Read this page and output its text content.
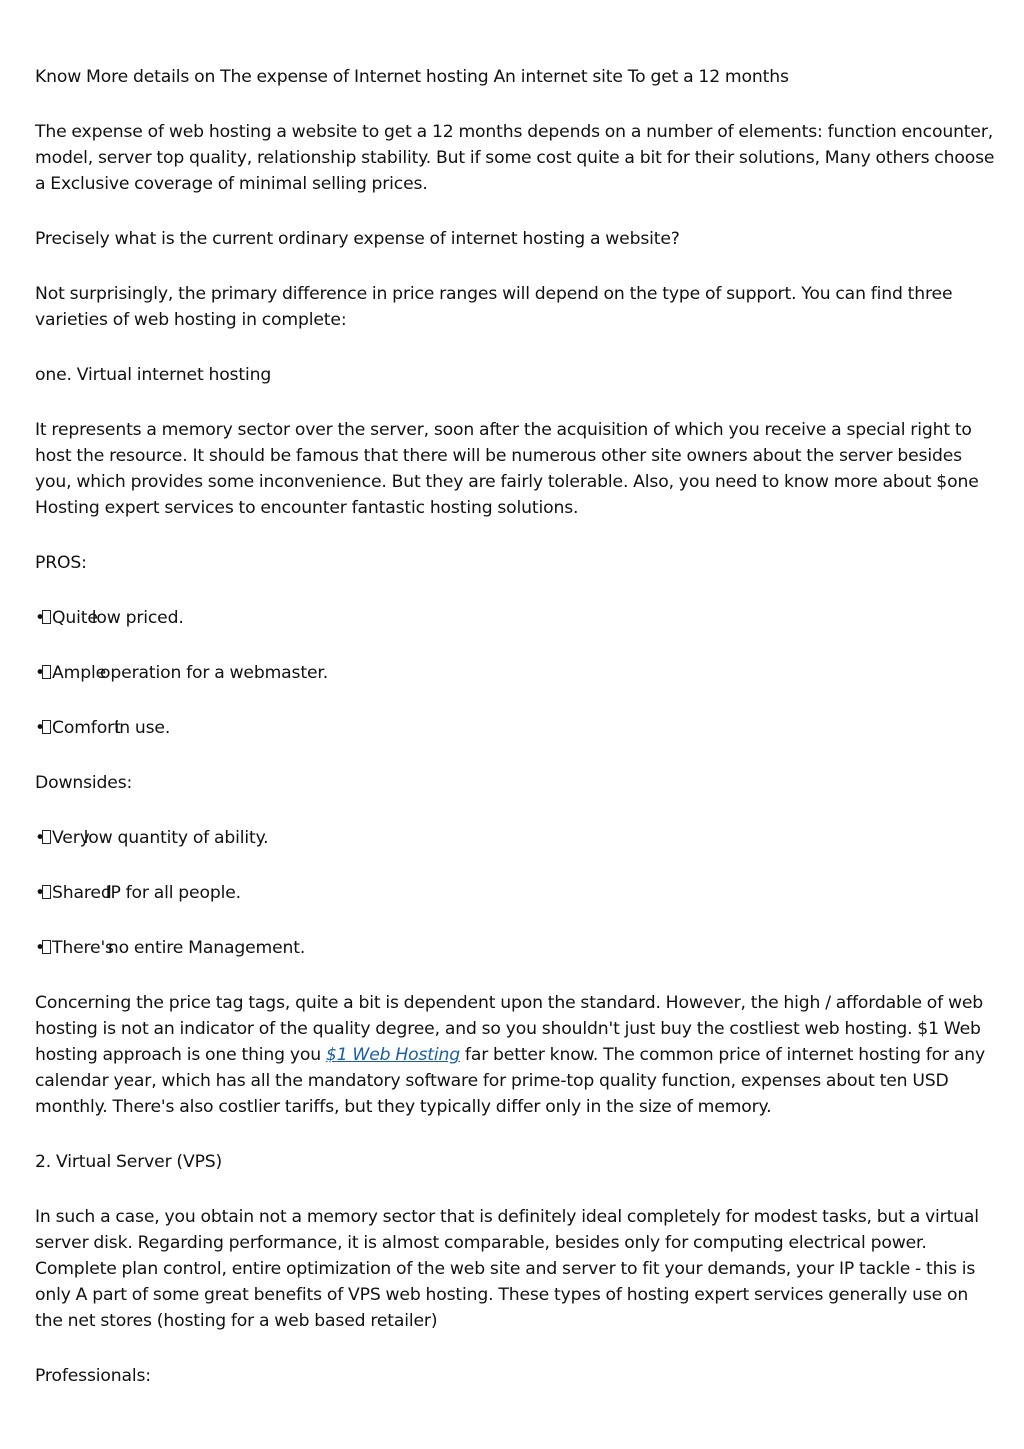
Know More details on The expense of Internet hosting An internet site To get a 12 months

The expense of web hosting a website to get a 12 months depends on a number of elements: function encounter, model, server top quality, relationship stability. But if some cost quite a bit for their solutions, Many others choose a Exclusive coverage of minimal selling prices.

Precisely what is the current ordinary expense of internet hosting a website?

Not surprisingly, the primary difference in price ranges will depend on the type of support. You can find three varieties of web hosting in complete:

one. Virtual internet hosting

It represents a memory sector over the server, soon after the acquisition of which you receive a special right to host the resource. It should be famous that there will be numerous other site owners about the server besides you, which provides some inconvenience. But they are fairly tolerable. Also, you need to know more about $one Hosting expert services to encounter fantastic hosting solutions.

PROS:

• Quitelow priced.

• Ampleoperation for a webmaster.

• Comfortin use.

Downsides:

• Verylow quantity of ability.

• SharedIP for all people.

• There'sno entire Management.

Concerning the price tag tags, quite a bit is dependent upon the standard. However, the high / affordable of web hosting is not an indicator of the quality degree, and so you shouldn't just buy the costliest web hosting. $1 Web hosting approach is one thing you $1 Web Hosting far better know. The common price of internet hosting for any calendar year, which has all the mandatory software for prime-top quality function, expenses about ten USD monthly. There's also costlier tariffs, but they typically differ only in the size of memory.

2. Virtual Server (VPS)

In such a case, you obtain not a memory sector that is definitely ideal completely for modest tasks, but a virtual server disk. Regarding performance, it is almost comparable, besides only for computing electrical power. Complete plan control, entire optimization of the web site and server to fit your demands, your IP tackle - this is only A part of some great benefits of VPS web hosting. These types of hosting expert services generally use on the net stores (hosting for a web based retailer)

Professionals:
